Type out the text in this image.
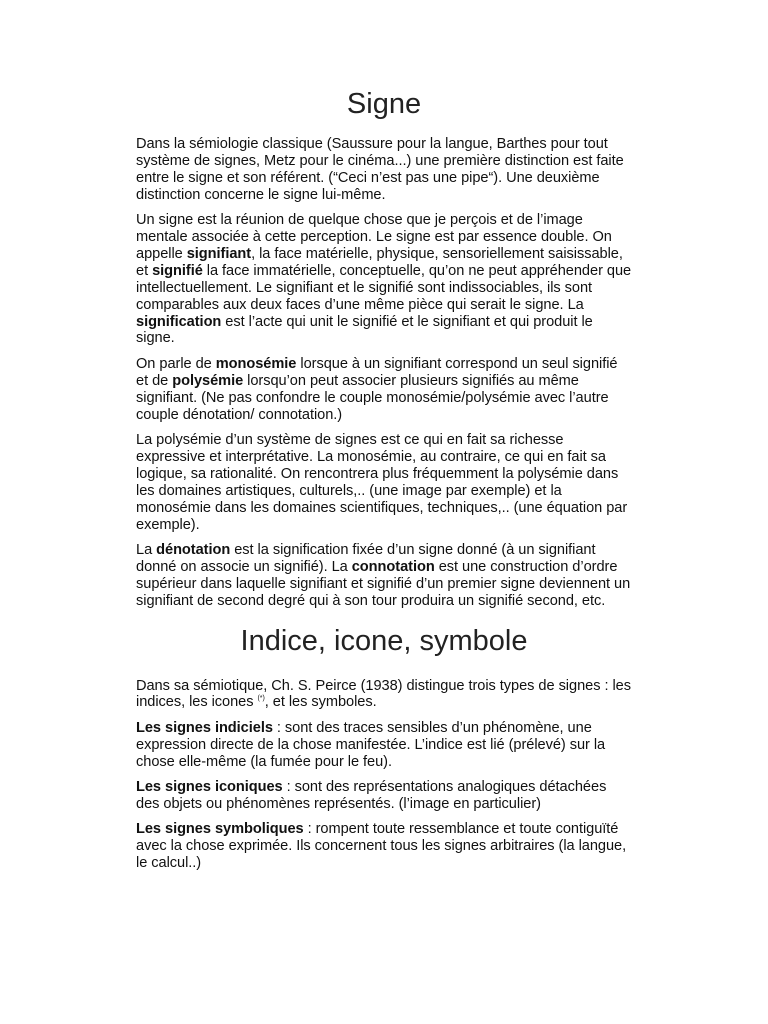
Signe

Dans la sémiologie classique (Saussure pour la langue, Barthes pour tout système de signes, Metz pour le cinéma...) une première distinction est faite entre le signe et son référent. (“Ceci n’est pas une pipe“). Une deuxième distinction concerne le signe lui-même.

Un signe est la réunion de quelque chose que je perçois et de l’image mentale associée à cette perception. Le signe est par essence double. On appelle signifiant, la face matérielle, physique, sensoriellement saisissable, et signifié la face immatérielle, conceptuelle, qu’on ne peut appréhender que intellectuellement. Le signifiant et le signifié sont indissociables, ils sont comparables aux deux faces d’une même pièce qui serait le signe. La signification est l’acte qui unit le signifié et le signifiant et qui produit le signe.

On parle de monosémie lorsque à un signifiant correspond un seul signifié et de polysémie lorsqu’on peut associer plusieurs signifiés au même signifiant. (Ne pas confondre le couple monosémie/polysémie avec l’autre couple dénotation/ connotation.)

La polysémie d’un système de signes est ce qui en fait sa richesse expressive et interprétative. La monosémie, au contraire, ce qui en fait sa logique, sa rationalité. On rencontrera plus fréquemment la polysémie dans les domaines artistiques, culturels,.. (une image par exemple) et la monosémie dans les domaines scientifiques, techniques,.. (une équation par exemple).

La dénotation est la signification fixée d’un signe donné (à un signifiant donné on associe un signifié). La connotation est une construction d’ordre supérieur dans laquelle signifiant et signifié d’un premier signe deviennent un signifiant de second degré qui à son tour produira un signifié second, etc.

Indice, icone, symbole

Dans sa sémiotique, Ch. S. Peirce (1938) distingue trois types de signes : les indices, les icones (*), et les symboles.

Les signes indiciels : sont des traces sensibles d’un phénomène, une expression directe de la chose manifestée. L’indice est lié (prélevé) sur la chose elle-même (la fumée pour le feu).

Les signes iconiques : sont des représentations analogiques détachées des objets ou phénomènes représentés. (l’image en particulier)

Les signes symboliques : rompent toute ressemblance et toute contiguïté avec la chose exprimée. Ils concernent tous les signes arbitraires (la langue, le calcul..)
